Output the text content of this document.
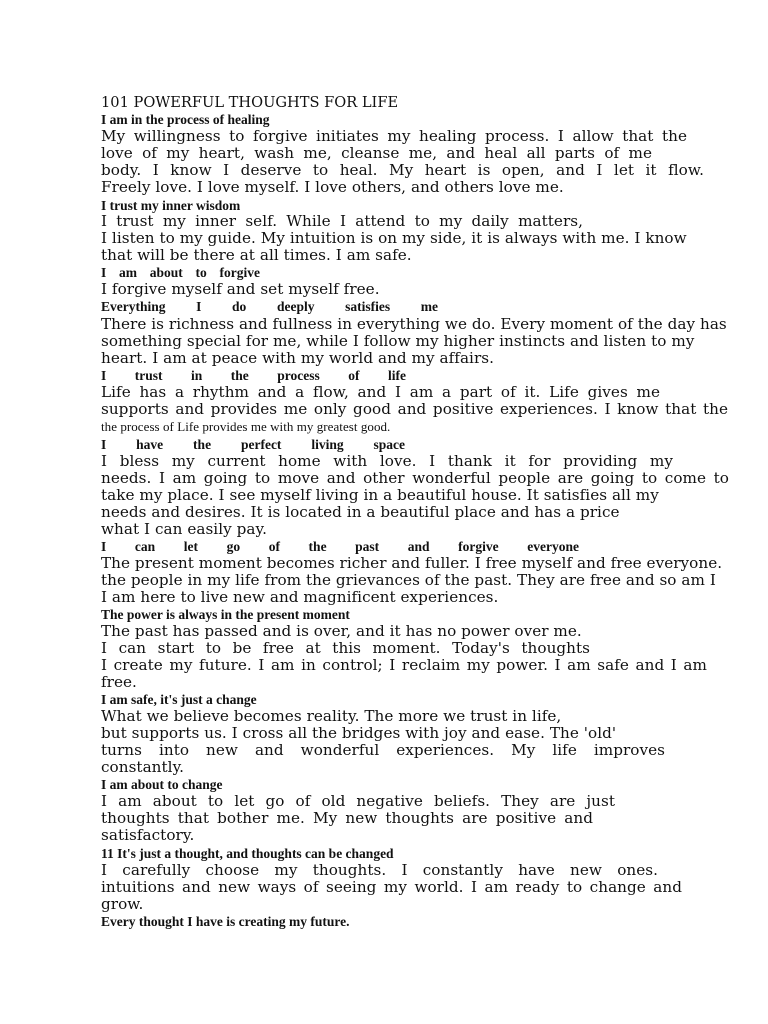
101 POWERFUL THOUGHTS FOR LIFE

I am in the process of healing

My willingness to forgive initiates my healing process. I allow that the

love of my heart, wash me, cleanse me, and heal all parts of me

body. I know I deserve to heal. My heart is open, and I let it flow.

Freely love. I love myself. I love others, and others love me.

I trust my inner wisdom

I trust my inner self. While I attend to my daily matters,

I listen to my guide. My intuition is on my side, it is always with me. I know

that will be there at all times. I am safe.

I am about to forgive

I forgive myself and set myself free.

Everything I do deeply satisfies me

There is richness and fullness in everything we do. Every moment of the day has

something special for me, while I follow my higher instincts and listen to my

heart. I am at peace with my world and my affairs.

I trust in the process of life

Life has a rhythm and a flow, and I am a part of it. Life gives me

supports and provides me only good and positive experiences. I know that the

the process of Life provides me with my greatest good.

I have the perfect living space

I bless my current home with love. I thank it for providing my

needs. I am going to move and other wonderful people are going to come to

take my place. I see myself living in a beautiful house. It satisfies all my

needs and desires. It is located in a beautiful place and has a price

what I can easily pay.

I can let go of the past and forgive everyone

The present moment becomes richer and fuller. I free myself and free everyone.

the people in my life from the grievances of the past. They are free and so am I

I am here to live new and magnificent experiences.

The power is always in the present moment

The past has passed and is over, and it has no power over me.

I can start to be free at this moment. Today's thoughts

I create my future. I am in control; I reclaim my power. I am safe and I am

free.

I am safe, it's just a change

What we believe becomes reality. The more we trust in life,

but supports us. I cross all the bridges with joy and ease. The 'old'

turns into new and wonderful experiences. My life improves

constantly.

I am about to change

I am about to let go of old negative beliefs. They are just

thoughts that bother me. My new thoughts are positive and

satisfactory.

11 It's just a thought, and thoughts can be changed

I carefully choose my thoughts. I constantly have new ones.

intuitions and new ways of seeing my world. I am ready to change and

grow.

Every thought I have is creating my future.
